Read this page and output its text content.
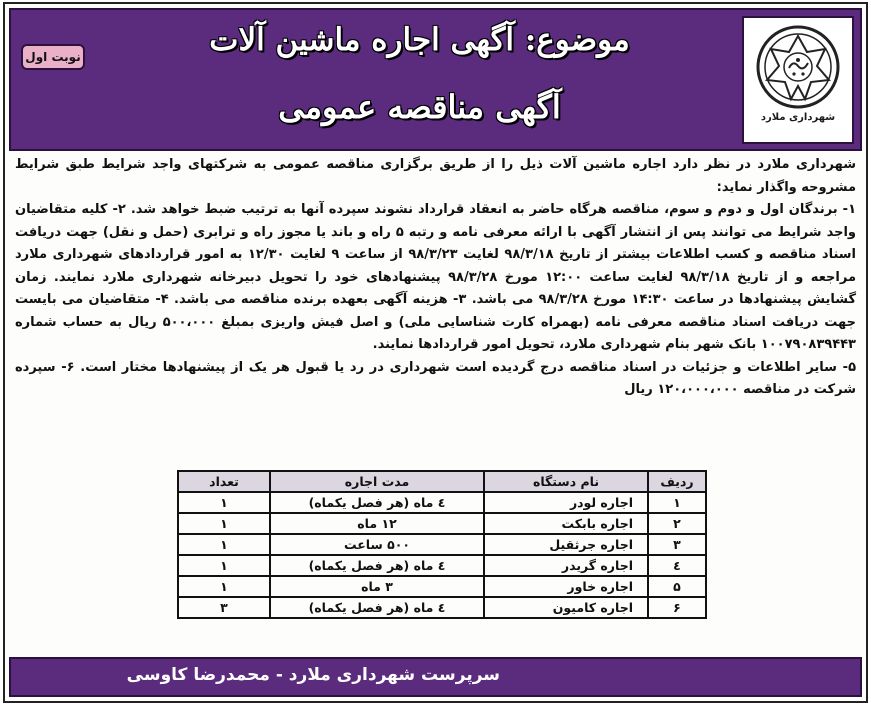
نوبت اول	موضوع: آگهی اجاره ماشین آلات
آگهی مناقصه عمومی	شهرداری ملارد

شهرداری ملارد در نظر دارد اجاره ماشین آلات ذیل را از طریق برگزاری مناقصه عمومی به شرکتهای واجد شرایط طبق شرایط مشروحه واگذار نماید:

۱- برندگان اول و دوم و سوم، مناقصه هرگاه حاضر به انعقاد قرارداد نشوند سپرده آنها به ترتیب ضبط خواهد شد. ۲- کلیه متقاضیان واجد شرایط می توانند پس از انتشار آگهی با ارائه معرفی نامه و رتبه ۵ راه و باند یا مجوز راه و ترابری (حمل و نقل) جهت دریافت اسناد مناقصه و کسب اطلاعات بیشتر از تاریخ ۹۸/۳/۱۸ لغایت ۹۸/۳/۲۳ از ساعت ۹ لغایت ۱۲/۳۰ به امور قراردادهای شهرداری ملارد مراجعه و از تاریخ ۹۸/۳/۱۸ لغایت ساعت ۱۲:۰۰ مورخ ۹۸/۳/۲۸ پیشنهادهای خود را تحویل دبیرخانه شهرداری ملارد نمایند. زمان گشایش پیشنهادها در ساعت ۱۴:۳۰ مورخ ۹۸/۳/۲۸ می باشد. ۳- هزینه آگهی بعهده برنده مناقصه می باشد. ۴- متقاضیان می بایست جهت دریافت اسناد مناقصه معرفی نامه (بهمراه کارت شناسایی ملی) و اصل فیش واریزی بمبلغ ۵۰۰،۰۰۰ ریال به حساب شماره ۱۰۰۷۹۰۸۳۹۴۴۳ بانک شهر بنام شهرداری ملارد، تحویل امور قراردادها نمایند.

۵- سایر اطلاعات و جزئیات در اسناد مناقصه درج گردیده است شهرداری در رد یا قبول هر یک از پیشنهادها مختار است. ۶- سپرده شرکت در مناقصه ۱۲۰،۰۰۰،۰۰۰ ریال

ردیف	نام دستگاه	مدت اجاره	تعداد
۱	اجاره لودر	٤ ماه (هر فصل یکماه)	۱
۲	اجاره بابکت	۱۲ ماه	۱
۳	اجاره جرثقیل	۵۰۰ ساعت	۱
٤	اجاره گریدر	٤ ماه (هر فصل یکماه)	۱
۵	اجاره خاور	۳ ماه	۱
۶	اجاره کامیون	٤ ماه (هر فصل یکماه)	۳
سرپرست شهرداری ملارد - محمدرضا کاوسی
